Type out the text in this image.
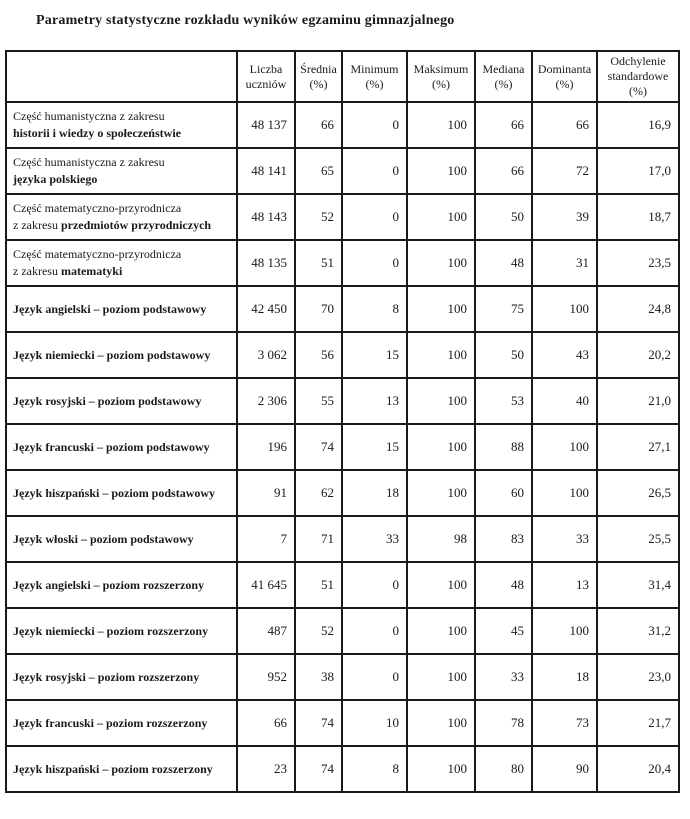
Parametry statystyczne rozkładu wyników egzaminu gimnazjalnego
	Liczba uczniów	Średnia (%)	Minimum (%)	Maksimum (%)	Mediana (%)	Dominanta (%)	Odchylenie standardowe (%)

Część humanistyczna z zakresu
historii i wiedzy o społeczeństwie	48 137	66	0	100	66	66	16,9

Część humanistyczna z zakresu
języka polskiego	48 141	65	0	100	66	72	17,0

Część matematyczno-przyrodnicza
z zakresu przedmiotów przyrodniczych	48 143	52	0	100	50	39	18,7

Część matematyczno-przyrodnicza
z zakresu matematyki	48 135	51	0	100	48	31	23,5

Język angielski – poziom podstawowy	42 450	70	8	100	75	100	24,8

Język niemiecki – poziom podstawowy	3 062	56	15	100	50	43	20,2

Język rosyjski – poziom podstawowy	2 306	55	13	100	53	40	21,0

Język francuski – poziom podstawowy	196	74	15	100	88	100	27,1

Język hiszpański – poziom podstawowy	91	62	18	100	60	100	26,5

Język włoski – poziom podstawowy	7	71	33	98	83	33	25,5

Język angielski – poziom rozszerzony	41 645	51	0	100	48	13	31,4

Język niemiecki – poziom rozszerzony	487	52	0	100	45	100	31,2

Język rosyjski – poziom rozszerzony	952	38	0	100	33	18	23,0

Język francuski – poziom rozszerzony	66	74	10	100	78	73	21,7

Język hiszpański – poziom rozszerzony	23	74	8	100	80	90	20,4
